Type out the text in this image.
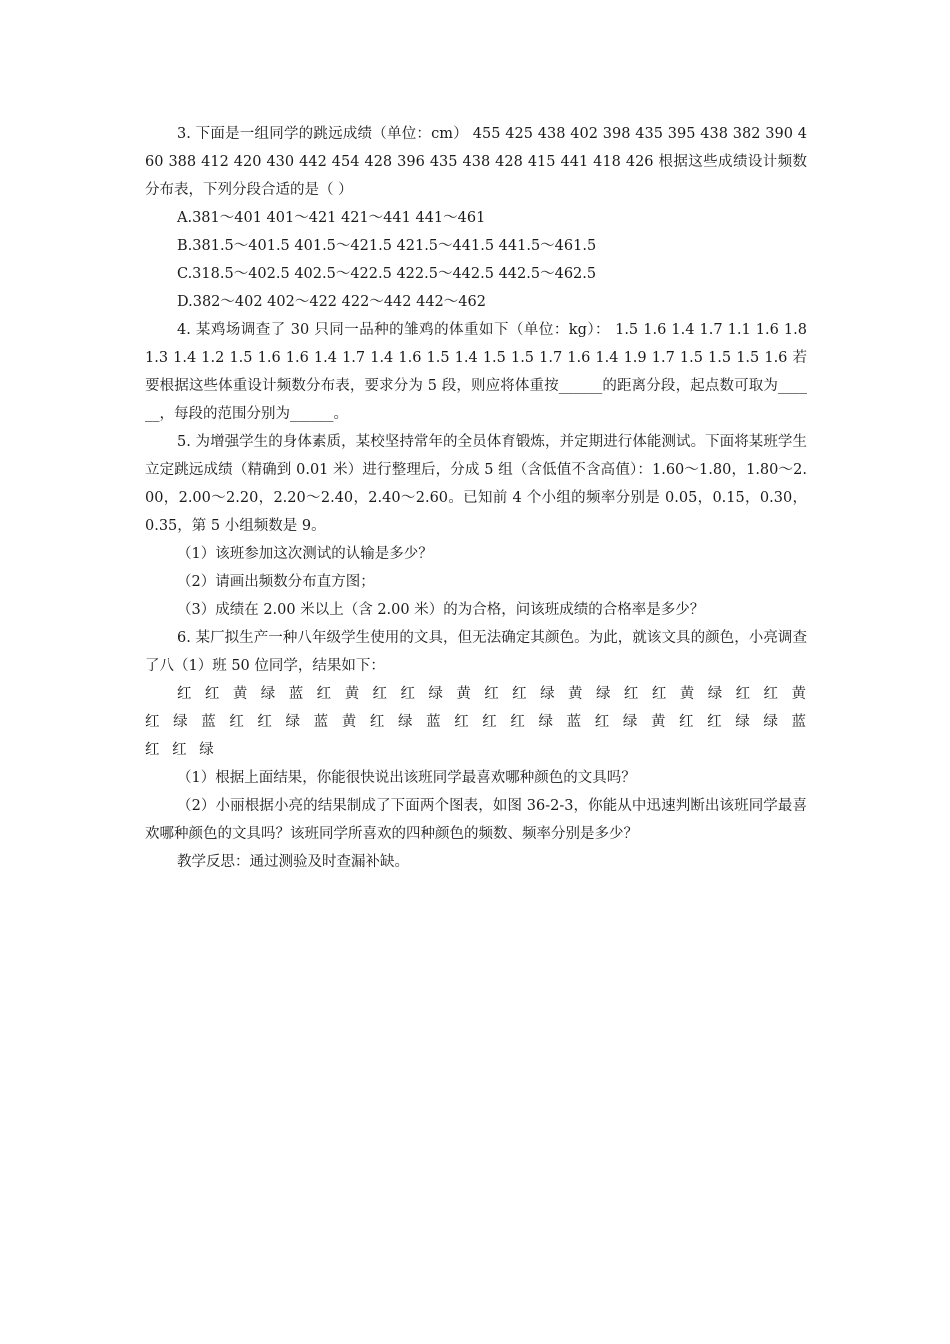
3. 下面是一组同学的跳远成绩（单位：cm） 455 425 438 402 398 435 395 438 382 390 460 388 412 420 430 442 454 428 396 435 438 428 415 441 418 426 根据这些成绩设计频数分布表，下列分段合适的是（ ）

A.381～401 401～421 421～441 441～461

B.381.5～401.5 401.5～421.5 421.5～441.5 441.5～461.5

C.318.5～402.5 402.5～422.5 422.5～442.5 442.5～462.5

D.382～402 402～422 422～442 442～462

4. 某鸡场调查了 30 只同一品种的雏鸡的体重如下（单位：kg）： 1.5 1.6 1.4 1.7 1.1 1.6 1.8 1.3 1.4 1.2 1.5 1.6 1.6 1.4 1.7 1.4 1.6 1.5 1.4 1.5 1.5 1.7 1.6 1.4 1.9 1.7 1.5 1.5 1.5 1.6 若要根据这些体重设计频数分布表，要求分为 5 段，则应将体重按______的距离分段，起点数可取为______，每段的范围分别为______。

5. 为增强学生的身体素质，某校坚持常年的全员体育锻炼，并定期进行体能测试。下面将某班学生立定跳远成绩（精确到 0.01 米）进行整理后，分成 5 组（含低值不含高值）：1.60～1.80，1.80～2.00，2.00～2.20，2.20～2.40，2.40～2.60。已知前 4 个小组的频率分别是 0.05，0.15，0.30，0.35，第 5 小组频数是 9。

（1）该班参加这次测试的认输是多少？

（2）请画出频数分布直方图；

（3）成绩在 2.00 米以上（含 2.00 米）的为合格，问该班成绩的合格率是多少？

6. 某厂拟生产一种八年级学生使用的文具，但无法确定其颜色。为此，就该文具的颜色，小亮调查了八（1）班 50 位同学，结果如下：

红 红 黄 绿 蓝 红 黄 红 红 绿 黄 红 红 绿 黄 绿 红 红 黄 绿 红 红 黄 红 绿 蓝 红 红 绿 蓝 黄 红 绿 蓝 红 红 红 绿 蓝 红 绿 黄 红 红 绿 绿 蓝 红 红 绿

（1）根据上面结果，你能很快说出该班同学最喜欢哪种颜色的文具吗？

（2）小丽根据小亮的结果制成了下面两个图表，如图 36-2-3，你能从中迅速判断出该班同学最喜欢哪种颜色的文具吗？该班同学所喜欢的四种颜色的频数、频率分别是多少？

教学反思：通过测验及时查漏补缺。
